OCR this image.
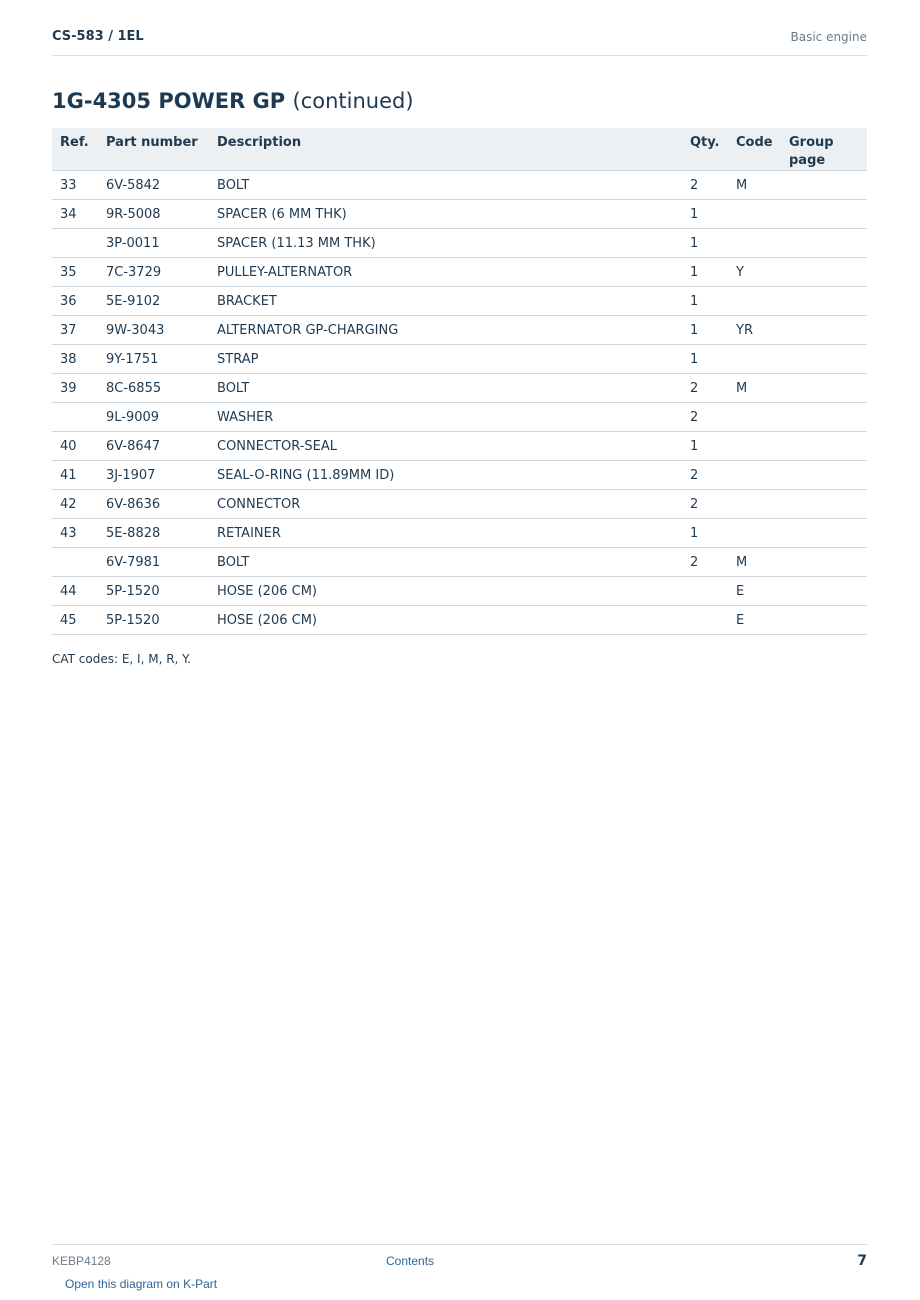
CS-583 / 1EL	Basic engine
1G-4305 POWER GP (continued)
Ref.	Part number	Description	Qty.	Code	Group page
33	6V-5842	BOLT	2	M	
34	9R-5008	SPACER (6 MM THK)	1		
	3P-0011	SPACER (11.13 MM THK)	1		
35	7C-3729	PULLEY-ALTERNATOR	1	Y	
36	5E-9102	BRACKET	1		
37	9W-3043	ALTERNATOR GP-CHARGING	1	YR	
38	9Y-1751	STRAP	1		
39	8C-6855	BOLT	2	M	
	9L-9009	WASHER	2		
40	6V-8647	CONNECTOR-SEAL	1		
41	3J-1907	SEAL-O-RING (11.89MM ID)	2		
42	6V-8636	CONNECTOR	2		
43	5E-8828	RETAINER	1		
	6V-7981	BOLT	2	M	
44	5P-1520	HOSE (206 CM)		E	
45	5P-1520	HOSE (206 CM)		E	
CAT codes: E, I, M, R, Y.
KEBP4128	Contents	7
Open this diagram on K-Part
